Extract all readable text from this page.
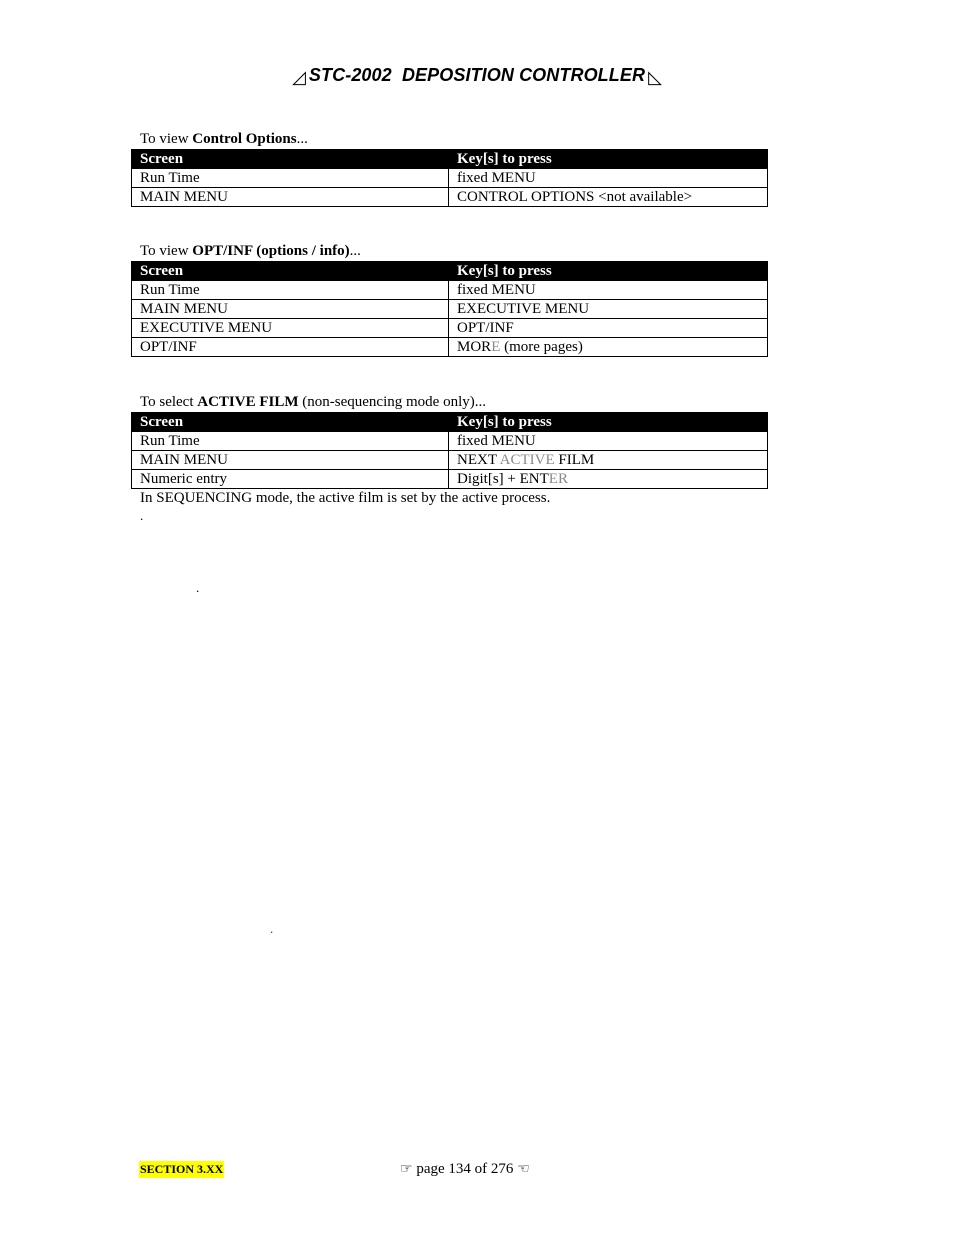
◿ STC-2002  DEPOSITION CONTROLLER ◺
To view Control Options...
Screen	Key[s] to press
Run Time	fixed MENU
MAIN MENU	CONTROL OPTIONS <not available>
To view OPT/INF (options / info)...
Screen	Key[s] to press
Run Time	fixed MENU
MAIN MENU	EXECUTIVE MENU
EXECUTIVE MENU	OPT/INF
OPT/INF	MORE (more pages)
To select ACTIVE FILM (non-sequencing mode only)...
Screen	Key[s] to press
Run Time	fixed MENU
MAIN MENU	NEXT ACTIVE FILM
Numeric entry	Digit[s] + ENTER
In SEQUENCING mode, the active film is set by the active process.
.
.
.
SECTION 3.XX	☞ page 134 of 276 ☜
